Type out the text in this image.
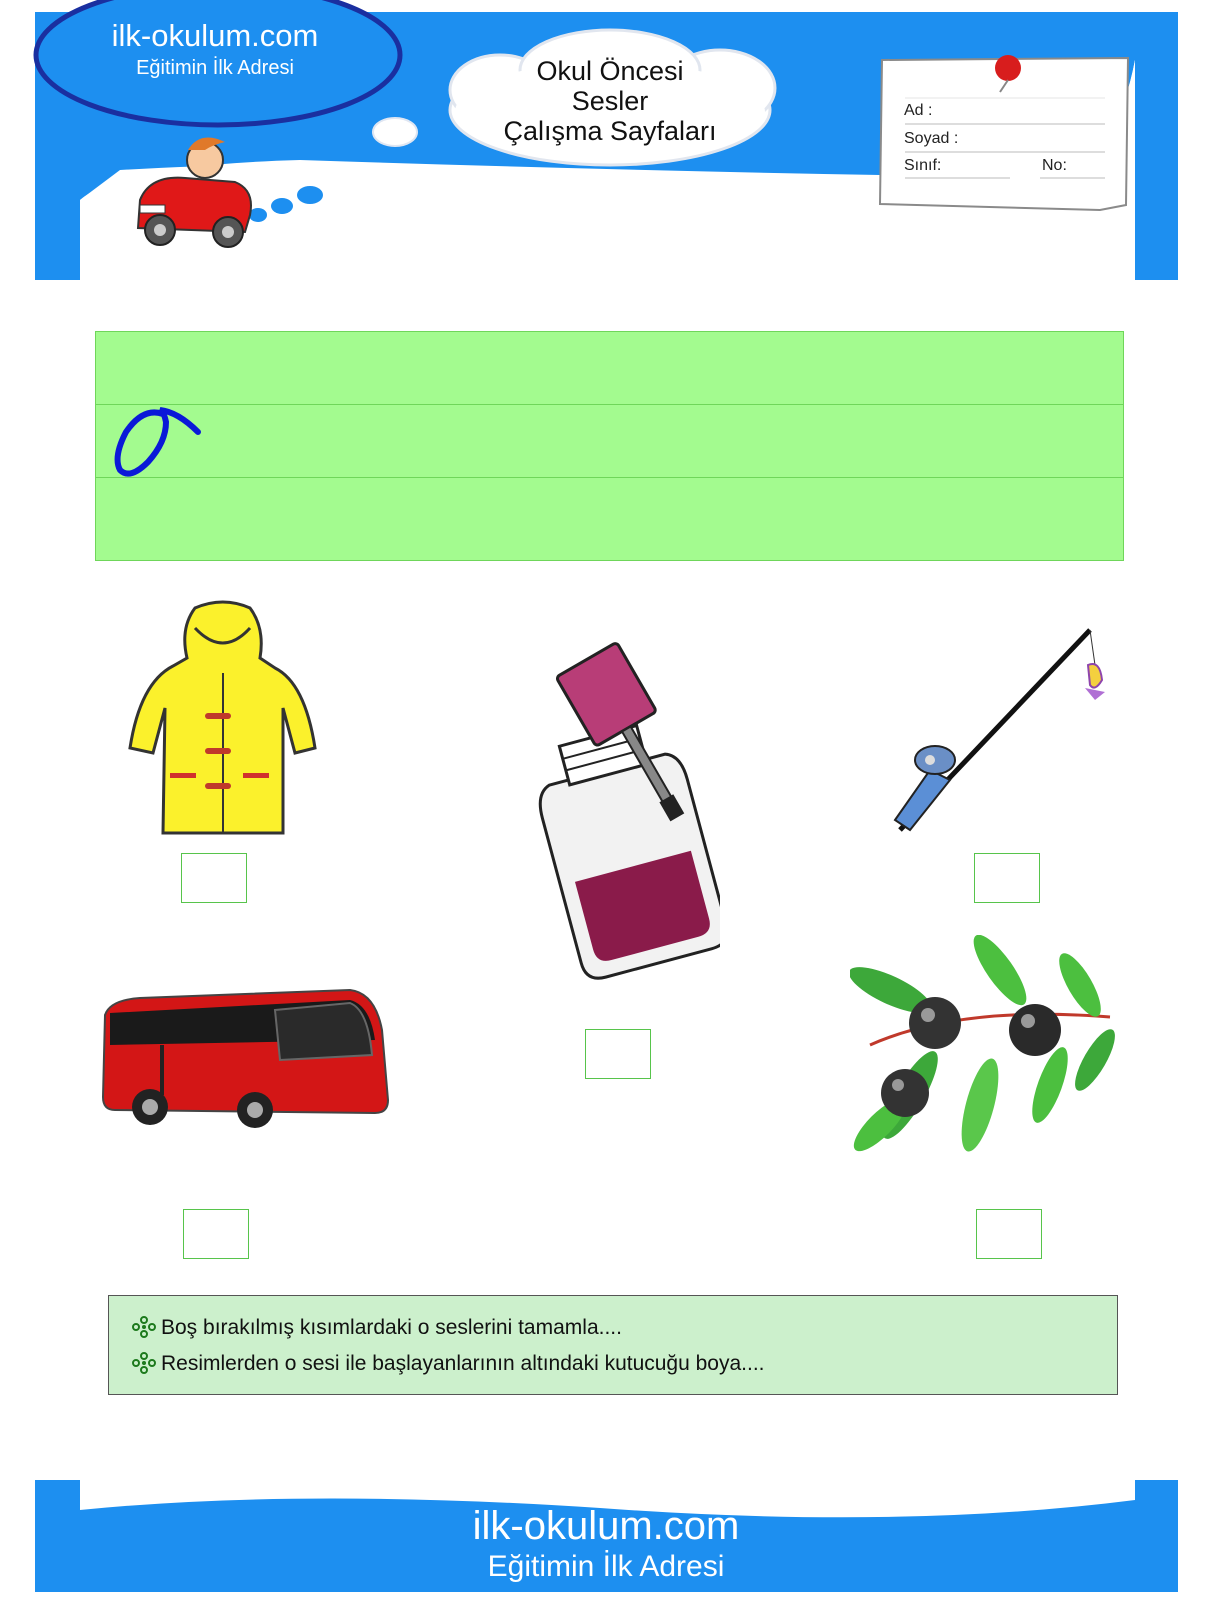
ilk-okulum.com
Eğitimin İlk Adresi	Okul Öncesi
Sesler
Çalışma Sayfaları
Ad :
Soyad :
Sınıf:	No:
Boş bırakılmış kısımlardaki o seslerini tamamla....
Resimlerden o sesi ile başlayanlarının altındaki kutucuğu boya....
ilk-okulum.com
Eğitimin İlk Adresi
